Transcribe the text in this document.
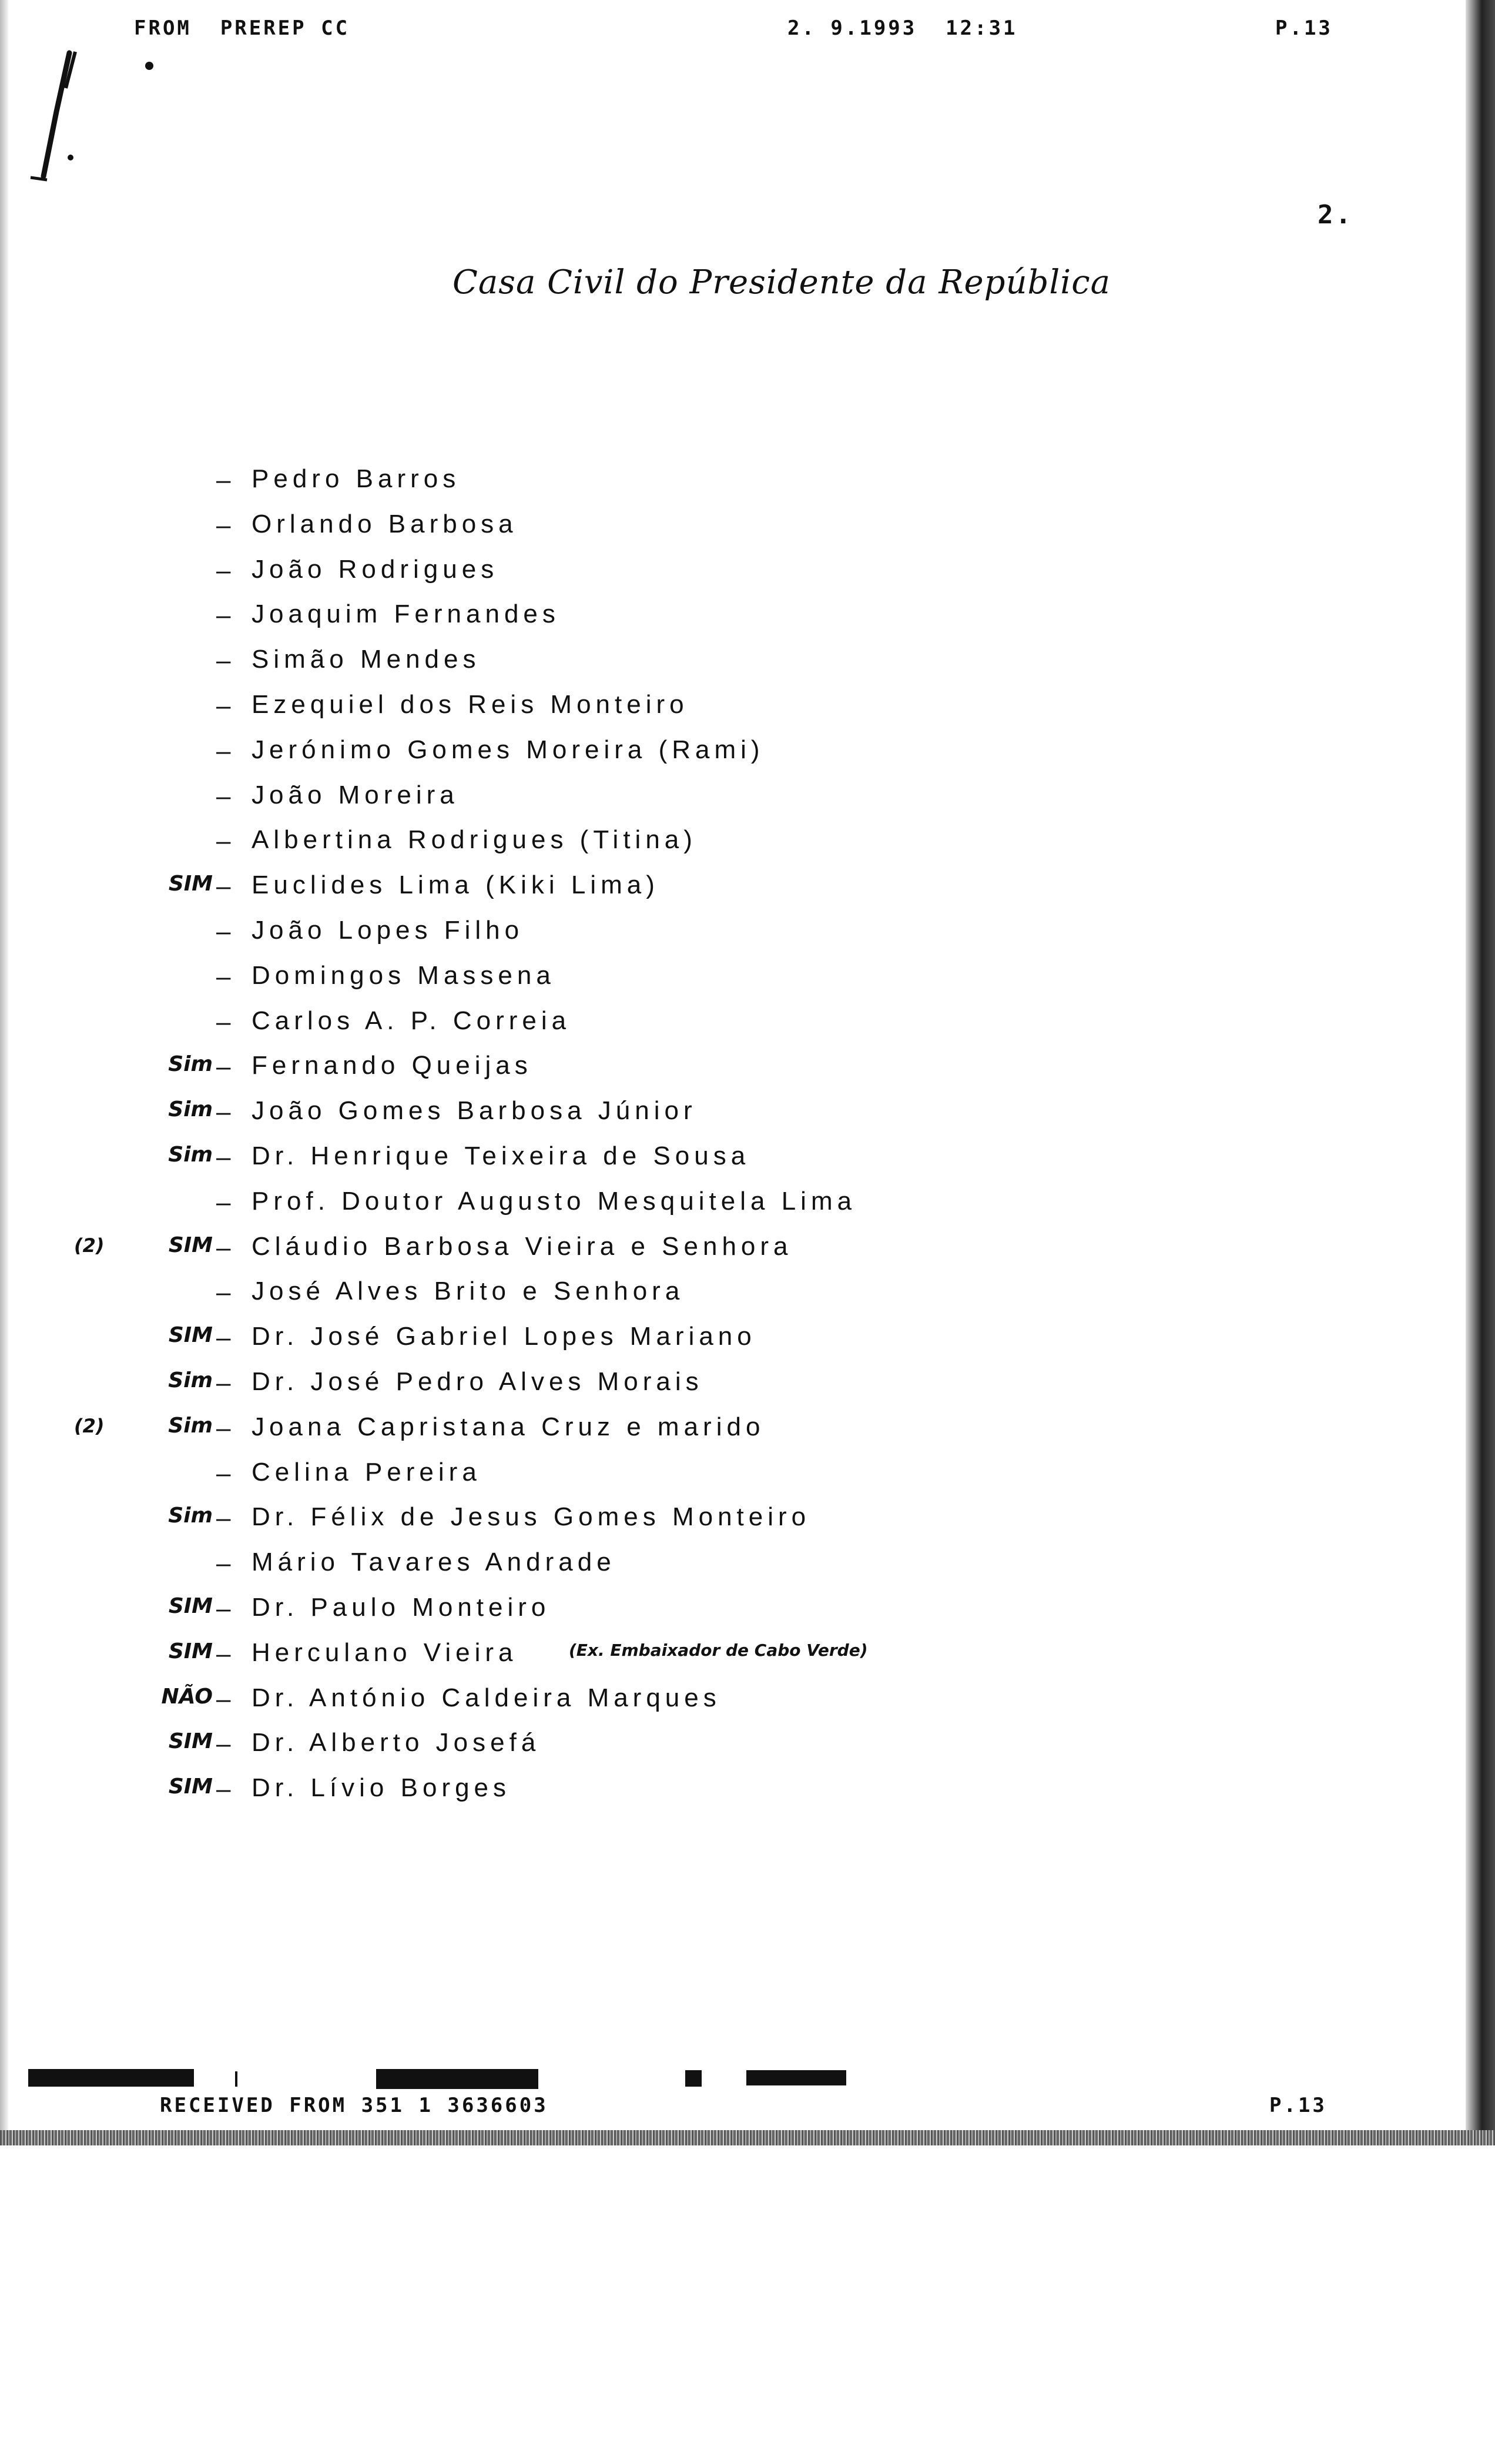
FROM  PREREP CC	2. 9.1993  12:31	P.13
2.
Casa Civil do Presidente da República
– Pedro Barros
– Orlando Barbosa
– João Rodrigues
– Joaquim Fernandes
– Simão Mendes
– Ezequiel dos Reis Monteiro
– Jerónimo Gomes Moreira (Rami)
– João Moreira
– Albertina Rodrigues (Titina)
SIM – Euclides Lima (Kiki Lima)
– João Lopes Filho
– Domingos Massena
– Carlos A. P. Correia
Sim – Fernando Queijas
Sim – João Gomes Barbosa Júnior
Sim – Dr. Henrique Teixeira de Sousa
– Prof. Doutor Augusto Mesquitela Lima
(2)	SIM – Cláudio Barbosa Vieira e Senhora
– José Alves Brito e Senhora
SIM – Dr. José Gabriel Lopes Mariano
Sim – Dr. José Pedro Alves Morais
(2)	Sim – Joana Capristana Cruz e marido
– Celina Pereira
Sim – Dr. Félix de Jesus Gomes Monteiro
– Mário Tavares Andrade
SIM – Dr. Paulo Monteiro
SIM – Herculano Vieira	(Ex. Embaixador de Cabo Verde)
NÃO – Dr. António Caldeira Marques
SIM – Dr. Alberto Josefá
SIM – Dr. Lívio Borges
RECEIVED FROM 351 1 3636603	P.13
